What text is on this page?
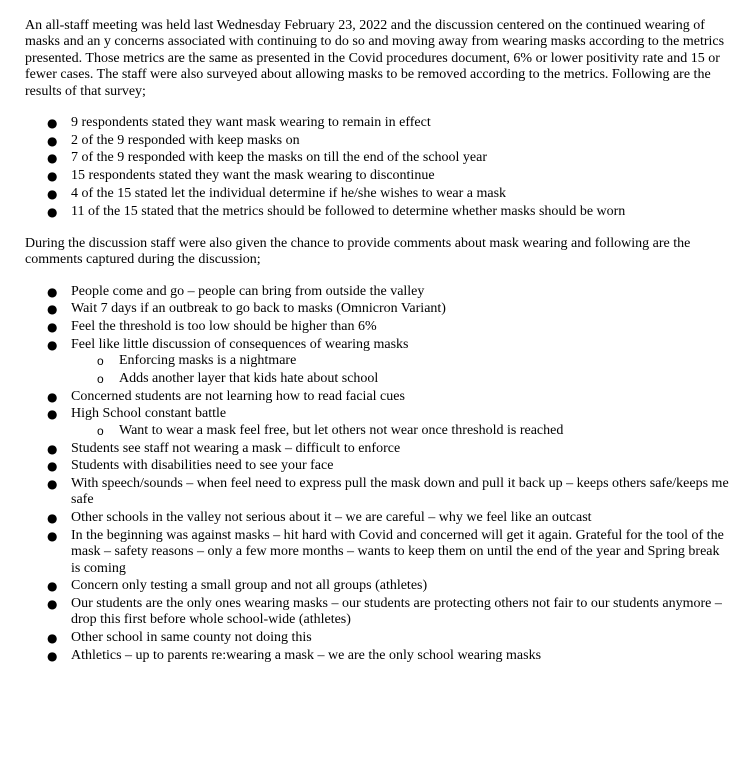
An all-staff meeting was held last Wednesday February 23, 2022 and the discussion centered on the continued wearing of masks and an y concerns associated with continuing to do so and moving away from wearing masks according to the metrics presented. Those metrics are the same as presented in the Covid procedures document, 6% or lower positivity rate and 15 or fewer cases. The staff were also surveyed about allowing masks to be removed according to the metrics. Following are the results of that survey;

● 9 respondents stated they want mask wearing to remain in effect
● 2 of the 9 responded with keep masks on
● 7 of the 9 responded with keep the masks on till the end of the school year
● 15 respondents stated they want the mask wearing to discontinue
● 4 of the 15 stated let the individual determine if he/she wishes to wear a mask
● 11 of the 15 stated that the metrics should be followed to determine whether masks should be worn

During the discussion staff were also given the chance to provide comments about mask wearing and following are the comments captured during the discussion;

● People come and go – people can bring from outside the valley
● Wait 7 days if an outbreak to go back to masks (Omnicron Variant)
● Feel the threshold is too low should be higher than 6%
● Feel like little discussion of consequences of wearing masks
o Enforcing masks is a nightmare
o Adds another layer that kids hate about school
● Concerned students are not learning how to read facial cues
● High School constant battle
o Want to wear a mask feel free, but let others not wear once threshold is reached
● Students see staff not wearing a mask – difficult to enforce
● Students with disabilities need to see your face
● With speech/sounds – when feel need to express pull the mask down and pull it back up – keeps others safe/keeps me safe
● Other schools in the valley not serious about it – we are careful – why we feel like an outcast
● In the beginning was against masks – hit hard with Covid and concerned will get it again. Grateful for the tool of the mask – safety reasons – only a few more months – wants to keep them on until the end of the year and Spring break is coming
● Concern only testing a small group and not all groups (athletes)
● Our students are the only ones wearing masks – our students are protecting others not fair to our students anymore – drop this first before whole school-wide (athletes)
● Other school in same county not doing this
● Athletics – up to parents re:wearing a mask – we are the only school wearing masks
